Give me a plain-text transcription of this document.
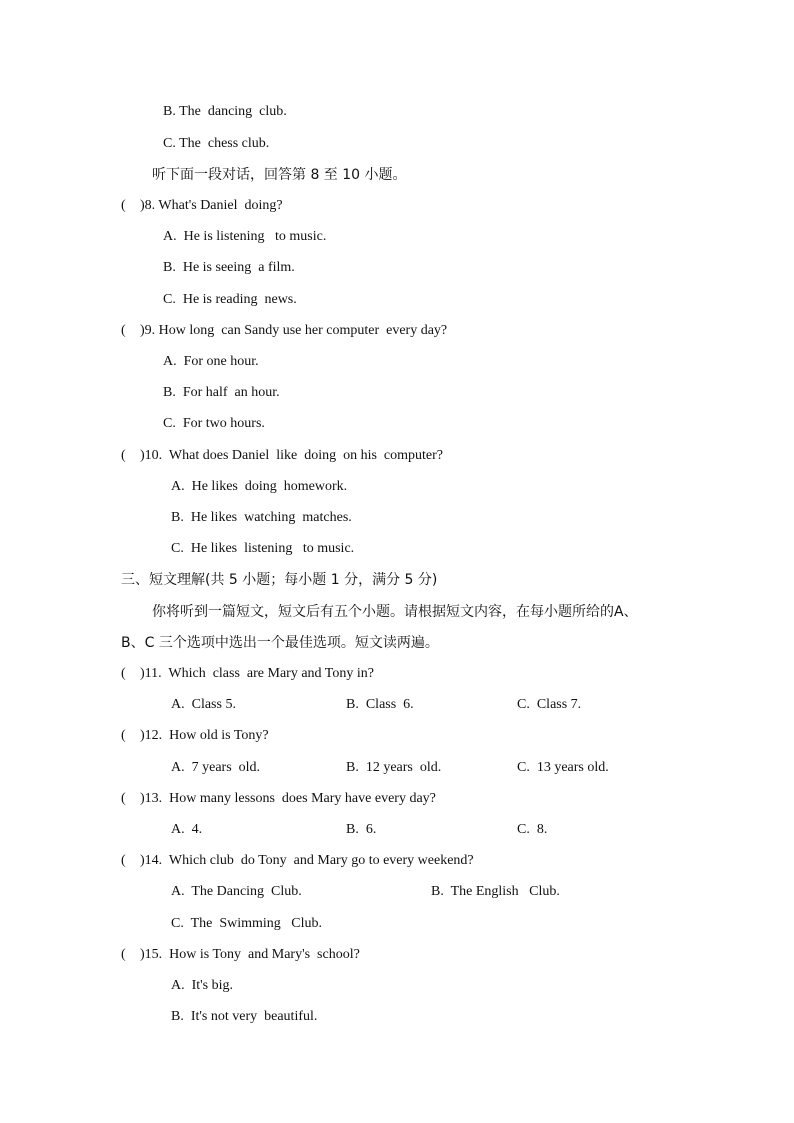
B. The  dancing  club.
C. The  chess club.
听下面一段对话，回答第 8 至 10 小题。
( )8. What's Daniel  doing?
A.  He is listening   to music.
B.  He is seeing  a film.
C.  He is reading  news.
( )9. How long  can Sandy use her computer  every day?
A.  For one hour.
B.  For half  an hour.
C.  For two hours.
( )10.  What does Daniel  like  doing  on his  computer?
A.  He likes  doing  homework.
B.  He likes  watching  matches.
C.  He likes  listening   to music.
三、短文理解(共 5 小题；每小题 1 分，满分 5 分)
你将听到一篇短文，短文后有五个小题。请根据短文内容，在每小题所给的A、
B、C 三个选项中选出一个最佳选项。短文读两遍。
( )11.  Which  class  are Mary and Tony in?
A.  Class 5.	B.  Class  6.	C.  Class 7.
( )12.  How old is Tony?
A.  7 years  old.	B.  12 years  old.	C.  13 years old.
( )13.  How many lessons  does Mary have every day?
A.  4.	B.  6.	C.  8.
( )14.  Which club  do Tony  and Mary go to every weekend?
A.  The Dancing  Club.	B.  The English   Club.
C.  The  Swimming   Club.
( )15.  How is Tony  and Mary's  school?
A.  It's big.
B.  It's not very  beautiful.
